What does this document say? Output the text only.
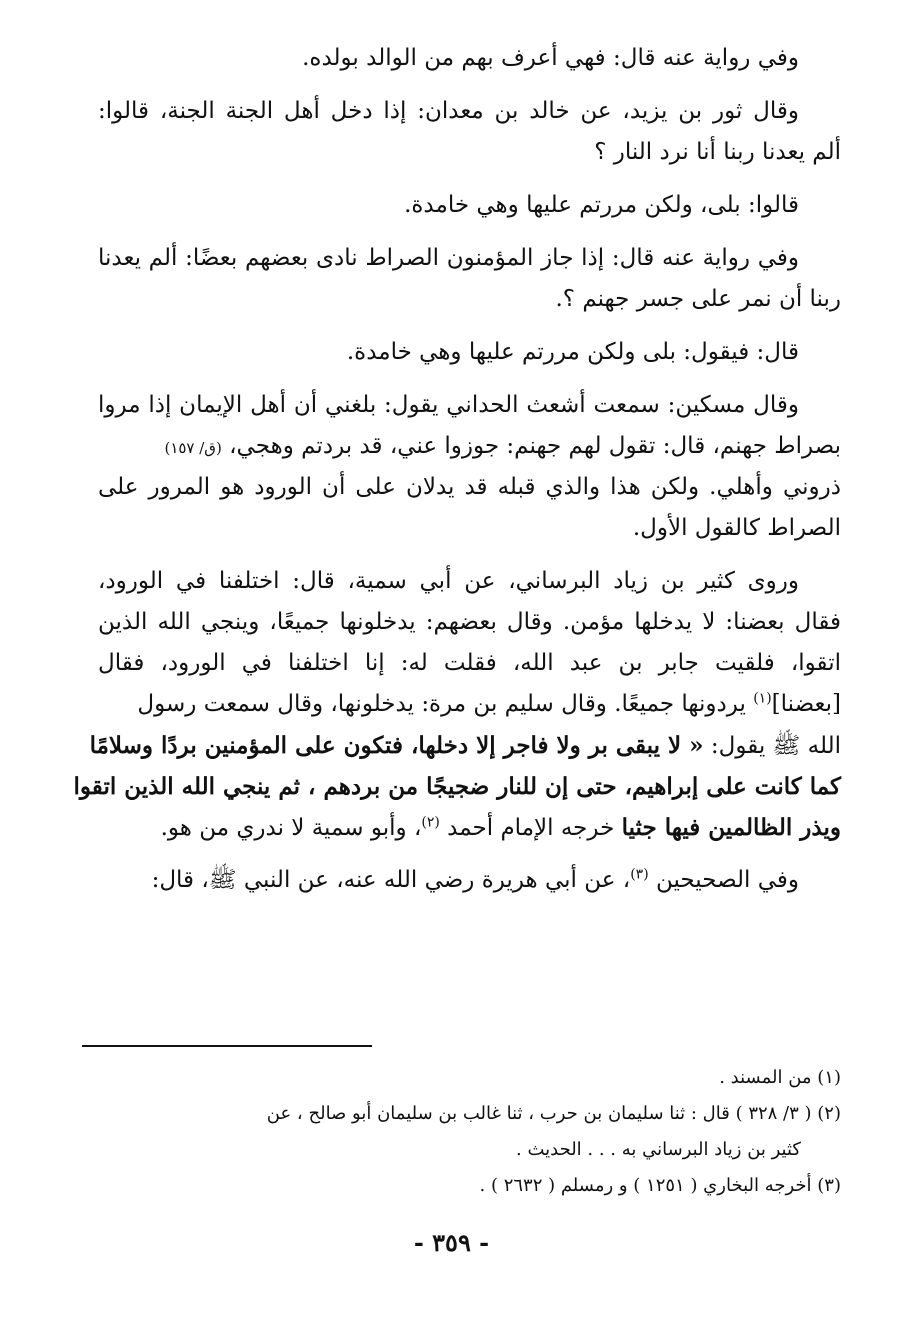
وفي رواية عنه قال: فهي أعرف بهم من الوالد بولده.
وقال ثور بن يزيد، عن خالد بن معدان: إذا دخل أهل الجنة الجنة، قالوا:
ألم يعدنا ربنا أنا نرد النار ؟
قالوا: بلى، ولكن مررتم عليها وهي خامدة.
وفي رواية عنه قال: إذا جاز المؤمنون الصراط نادى بعضهم بعضًا: ألم يعدنا
ربنا أن نمر على جسر جهنم ؟.
قال: فيقول: بلى ولكن مررتم عليها وهي خامدة.
وقال مسكين: سمعت أشعث الحداني يقول: بلغني أن أهل الإيمان إذا مروا
بصراط جهنم، قال: تقول لهم جهنم: جوزوا عني، قد بردتم وهجي، (ق/ ١٥٧)
ذروني وأهلي. ولكن هذا والذي قبله قد يدلان على أن الورود هو المرور على
الصراط كالقول الأول.
وروى كثير بن زياد البرساني، عن أبي سمية، قال: اختلفنا في الورود،
فقال بعضنا: لا يدخلها مؤمن. وقال بعضهم: يدخلونها جميعًا، وينجي الله الذين
اتقوا، فلقيت جابر بن عبد الله، فقلت له: إنا اختلفنا في الورود، فقال
[بعضنا]$^{(١)}$ يردونها جميعًا. وقال سليم بن مرة: يدخلونها، وقال سمعت رسول
الله ﷺ يقول: « لا يبقى بر ولا فاجر إلا دخلها، فتكون على المؤمنين بردًا وسلامًا
كما كانت على إبراهيم، حتى إن للنار ضجيجًا من بردهم ، ثم ينجي الله الذين اتقوا
ويذر الظالمين فيها جثيا خرجه الإمام أحمد $^{(٢)}$، وأبو سمية لا ندري من هو.
وفي الصحيحين $^{(٣)}$، عن أبي هريرة رضي الله عنه، عن النبي ﷺ، قال:
(١) من المسند .
(٢) ( ٣/ ٣٢٨ ) قال : ثنا سليمان بن حرب ، ثنا غالب بن سليمان أبو صالح ، عن
كثير بن زياد البرساني به . . . الحديث .
(٣) أخرجه البخاري ( ١٢٥١ ) و رمسلم ( ٢٦٣٢ ) .
- ٣٥٩ -
